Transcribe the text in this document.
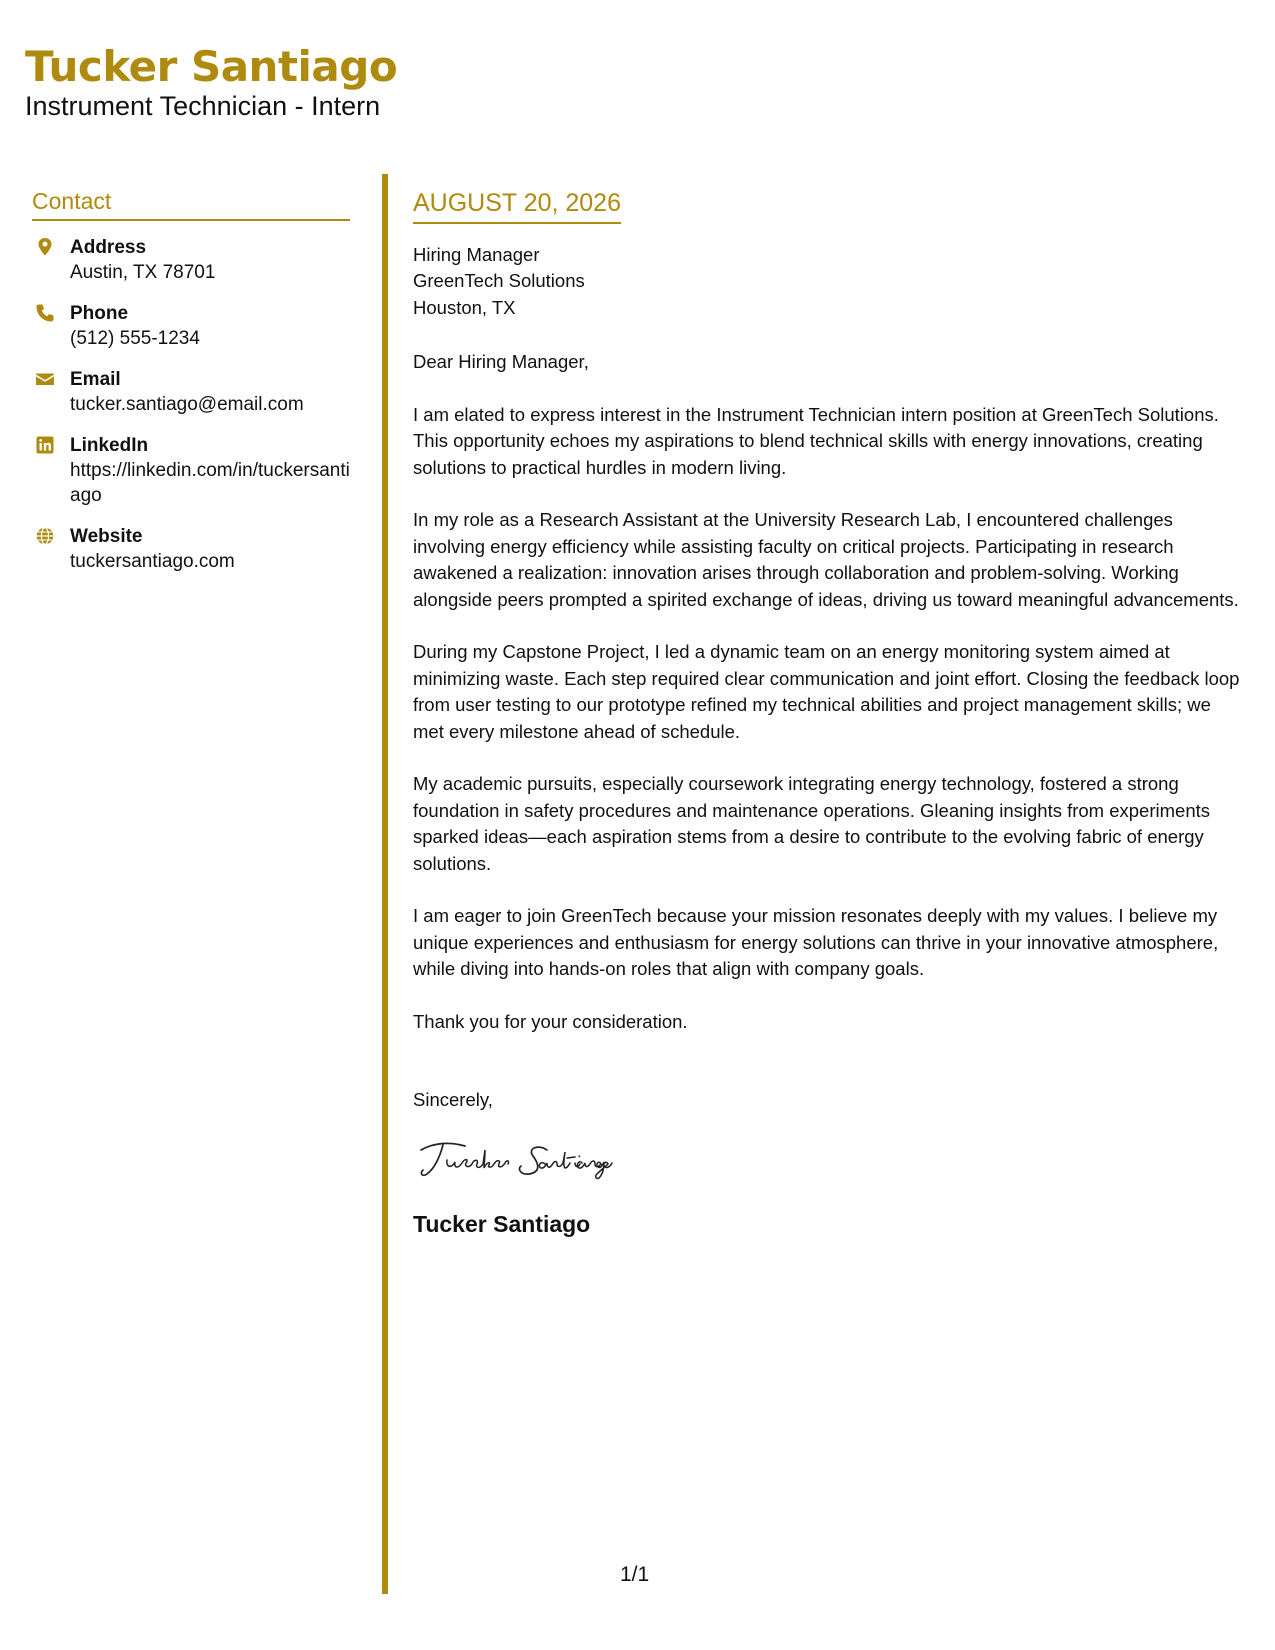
Tucker Santiago
Instrument Technician - Intern
Contact
Address
Austin, TX 78701
Phone
(512) 555-1234
Email
tucker.santiago@email.com
LinkedIn
https://linkedin.com/in/tuckersantiago
Website
tuckersantiago.com
AUGUST 20, 2026
Hiring Manager
GreenTech Solutions
Houston, TX
Dear Hiring Manager,
I am elated to express interest in the Instrument Technician intern position at GreenTech Solutions. This opportunity echoes my aspirations to blend technical skills with energy innovations, creating solutions to practical hurdles in modern living.
In my role as a Research Assistant at the University Research Lab, I encountered challenges involving energy efficiency while assisting faculty on critical projects. Participating in research awakened a realization: innovation arises through collaboration and problem-solving. Working alongside peers prompted a spirited exchange of ideas, driving us toward meaningful advancements.
During my Capstone Project, I led a dynamic team on an energy monitoring system aimed at minimizing waste. Each step required clear communication and joint effort. Closing the feedback loop from user testing to our prototype refined my technical abilities and project management skills; we met every milestone ahead of schedule.
My academic pursuits, especially coursework integrating energy technology, fostered a strong foundation in safety procedures and maintenance operations. Gleaning insights from experiments sparked ideas—each aspiration stems from a desire to contribute to the evolving fabric of energy solutions.
I am eager to join GreenTech because your mission resonates deeply with my values. I believe my unique experiences and enthusiasm for energy solutions can thrive in your innovative atmosphere, while diving into hands-on roles that align with company goals.
Thank you for your consideration.
Sincerely,
Tucker Santiago
1/1
